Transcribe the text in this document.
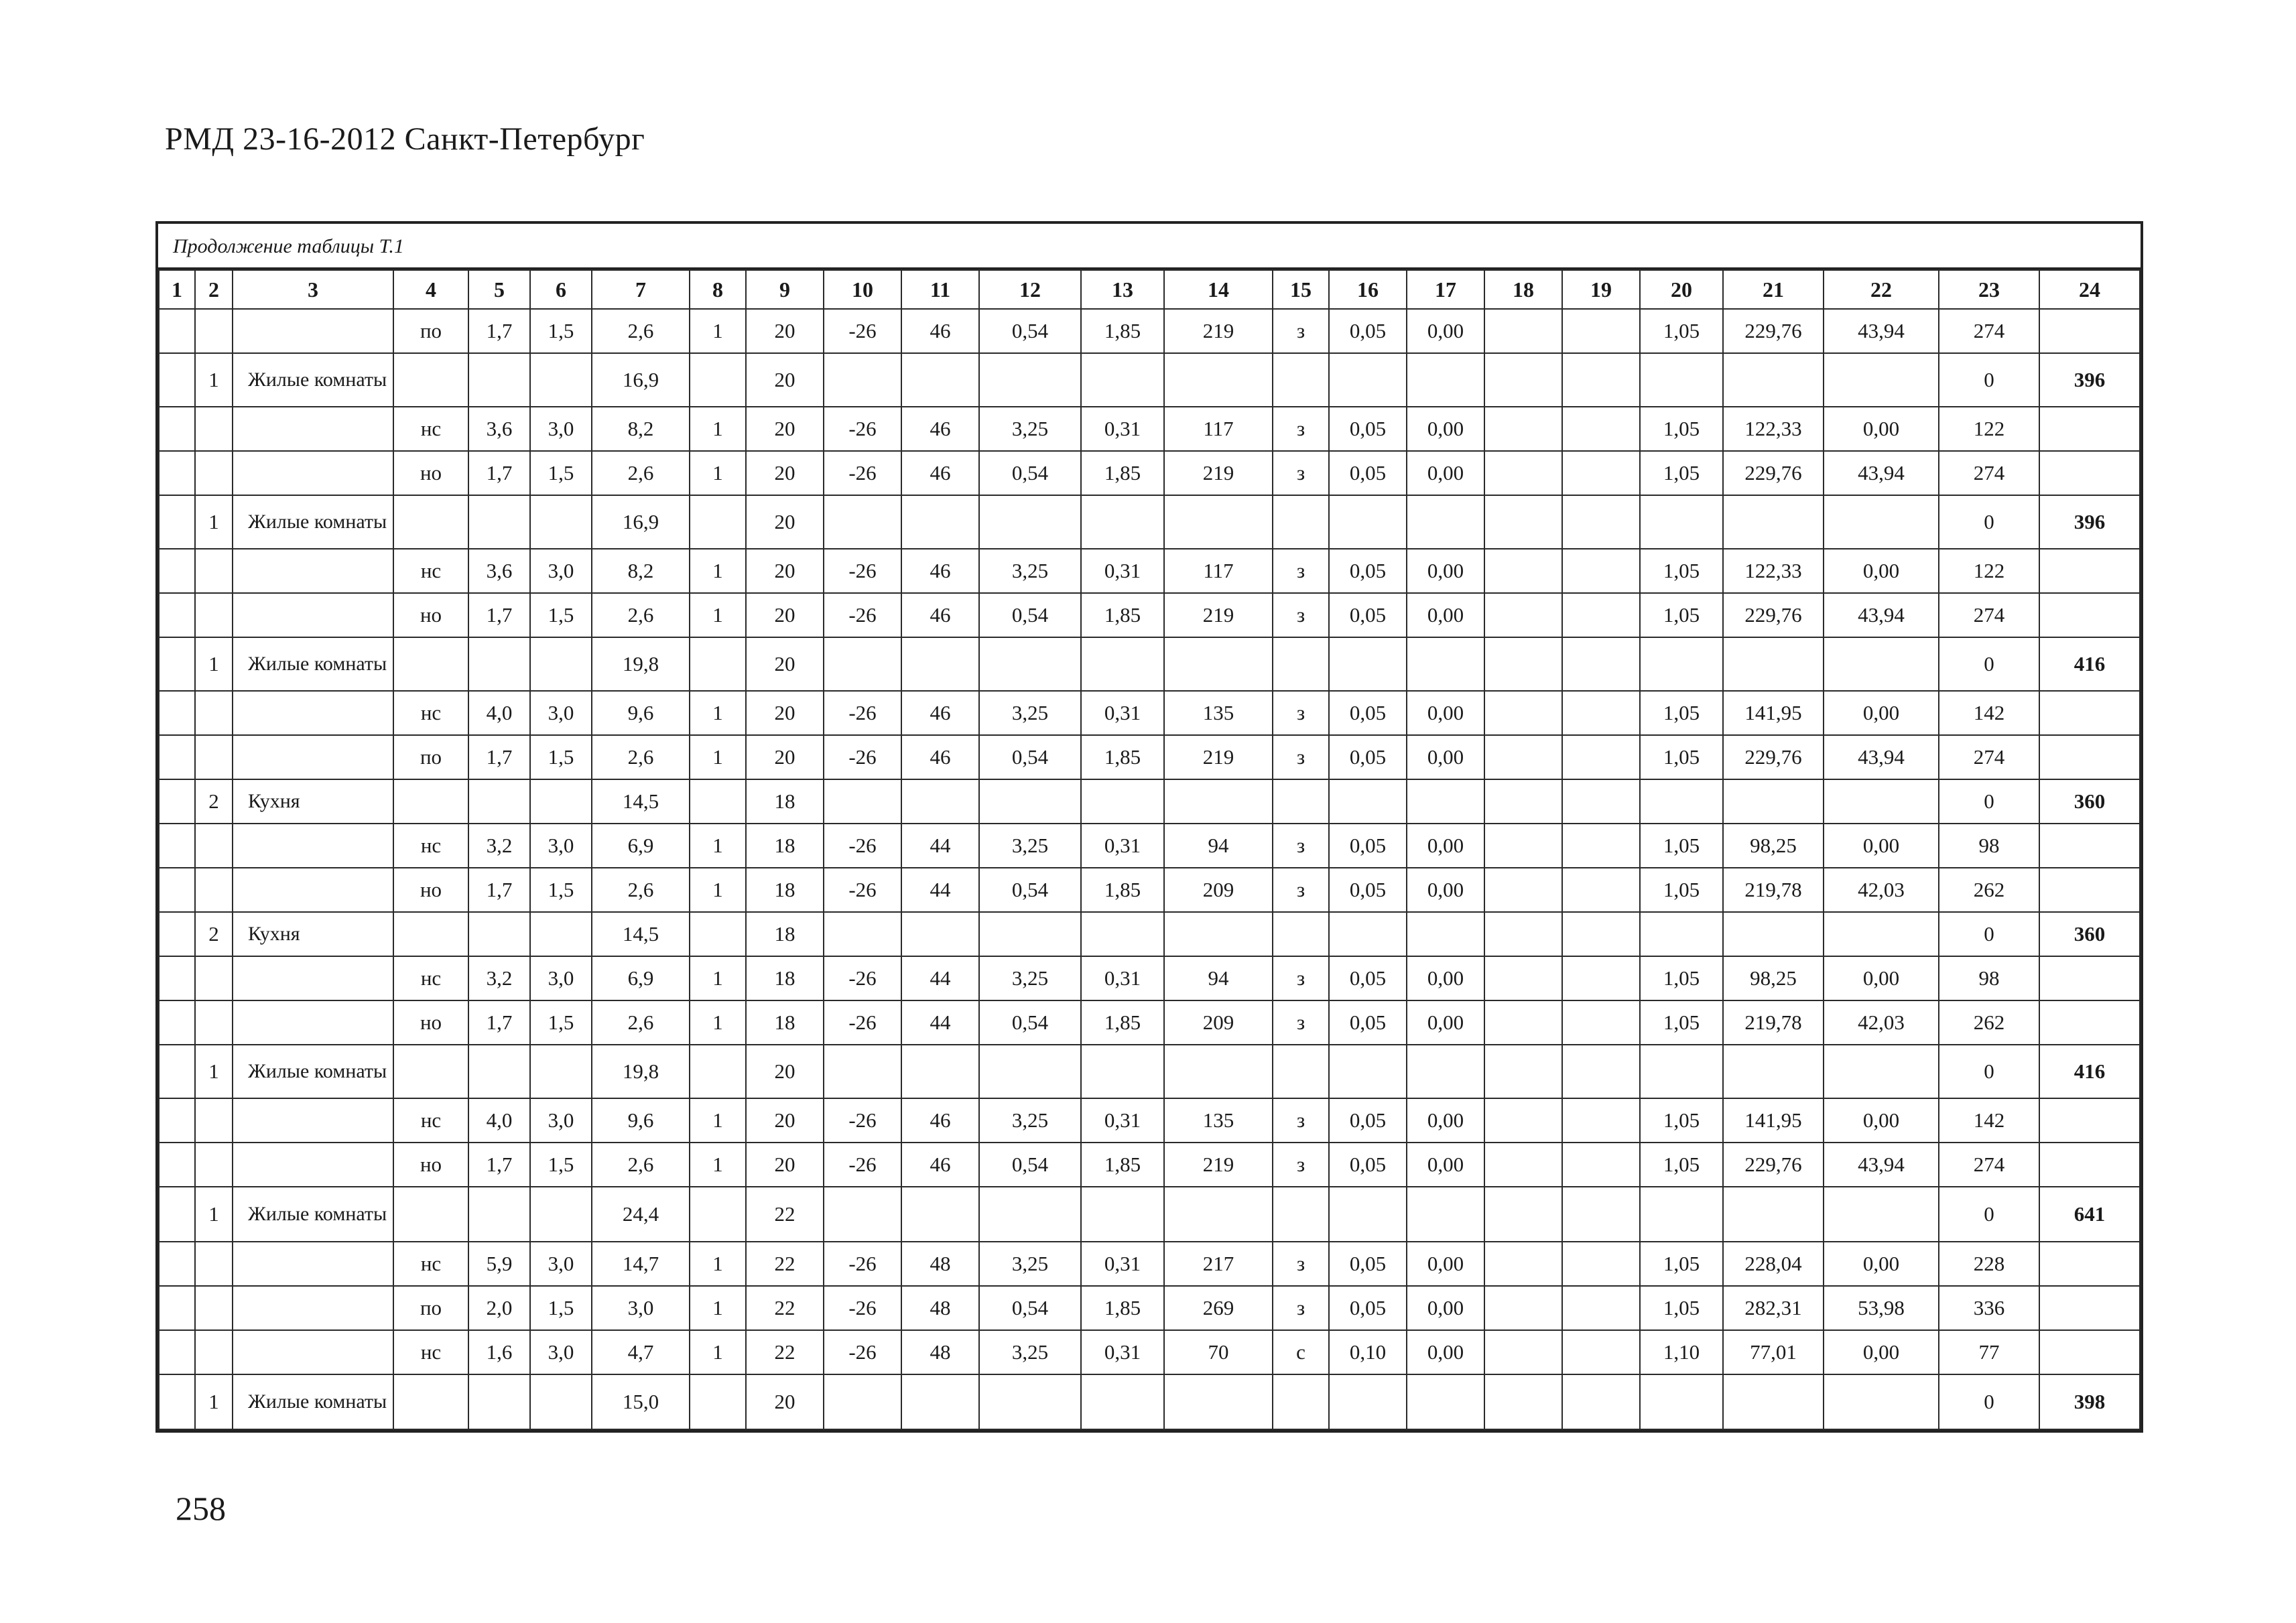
РМД 23-16-2012 Санкт-Петербург
Продолжение таблицы Т.1
1	2	3	4	5	6	7	8	9	10	11	12	13	14	15	16	17	18	19	20	21	22	23	24
			по	1,7	1,5	2,6	1	20	-26	46	0,54	1,85	219	з	0,05	0,00			1,05	229,76	43,94	274	
	1	Жилые комнаты				16,9		20														0	396
			нс	3,6	3,0	8,2	1	20	-26	46	3,25	0,31	117	з	0,05	0,00			1,05	122,33	0,00	122	
			но	1,7	1,5	2,6	1	20	-26	46	0,54	1,85	219	з	0,05	0,00			1,05	229,76	43,94	274	
	1	Жилые комнаты				16,9		20														0	396
			нс	3,6	3,0	8,2	1	20	-26	46	3,25	0,31	117	з	0,05	0,00			1,05	122,33	0,00	122	
			но	1,7	1,5	2,6	1	20	-26	46	0,54	1,85	219	з	0,05	0,00			1,05	229,76	43,94	274	
	1	Жилые комнаты				19,8		20														0	416
			нс	4,0	3,0	9,6	1	20	-26	46	3,25	0,31	135	з	0,05	0,00			1,05	141,95	0,00	142	
			по	1,7	1,5	2,6	1	20	-26	46	0,54	1,85	219	з	0,05	0,00			1,05	229,76	43,94	274	
	2	Кухня				14,5		18														0	360
			нс	3,2	3,0	6,9	1	18	-26	44	3,25	0,31	94	з	0,05	0,00			1,05	98,25	0,00	98	
			но	1,7	1,5	2,6	1	18	-26	44	0,54	1,85	209	з	0,05	0,00			1,05	219,78	42,03	262	
	2	Кухня				14,5		18														0	360
			нс	3,2	3,0	6,9	1	18	-26	44	3,25	0,31	94	з	0,05	0,00			1,05	98,25	0,00	98	
			но	1,7	1,5	2,6	1	18	-26	44	0,54	1,85	209	з	0,05	0,00			1,05	219,78	42,03	262	
	1	Жилые комнаты				19,8		20														0	416
			нс	4,0	3,0	9,6	1	20	-26	46	3,25	0,31	135	з	0,05	0,00			1,05	141,95	0,00	142	
			но	1,7	1,5	2,6	1	20	-26	46	0,54	1,85	219	з	0,05	0,00			1,05	229,76	43,94	274	
	1	Жилые комнаты				24,4		22														0	641
			нс	5,9	3,0	14,7	1	22	-26	48	3,25	0,31	217	з	0,05	0,00			1,05	228,04	0,00	228	
			по	2,0	1,5	3,0	1	22	-26	48	0,54	1,85	269	з	0,05	0,00			1,05	282,31	53,98	336	
			нс	1,6	3,0	4,7	1	22	-26	48	3,25	0,31	70	с	0,10	0,00			1,10	77,01	0,00	77	
	1	Жилые комнаты				15,0		20														0	398
258
